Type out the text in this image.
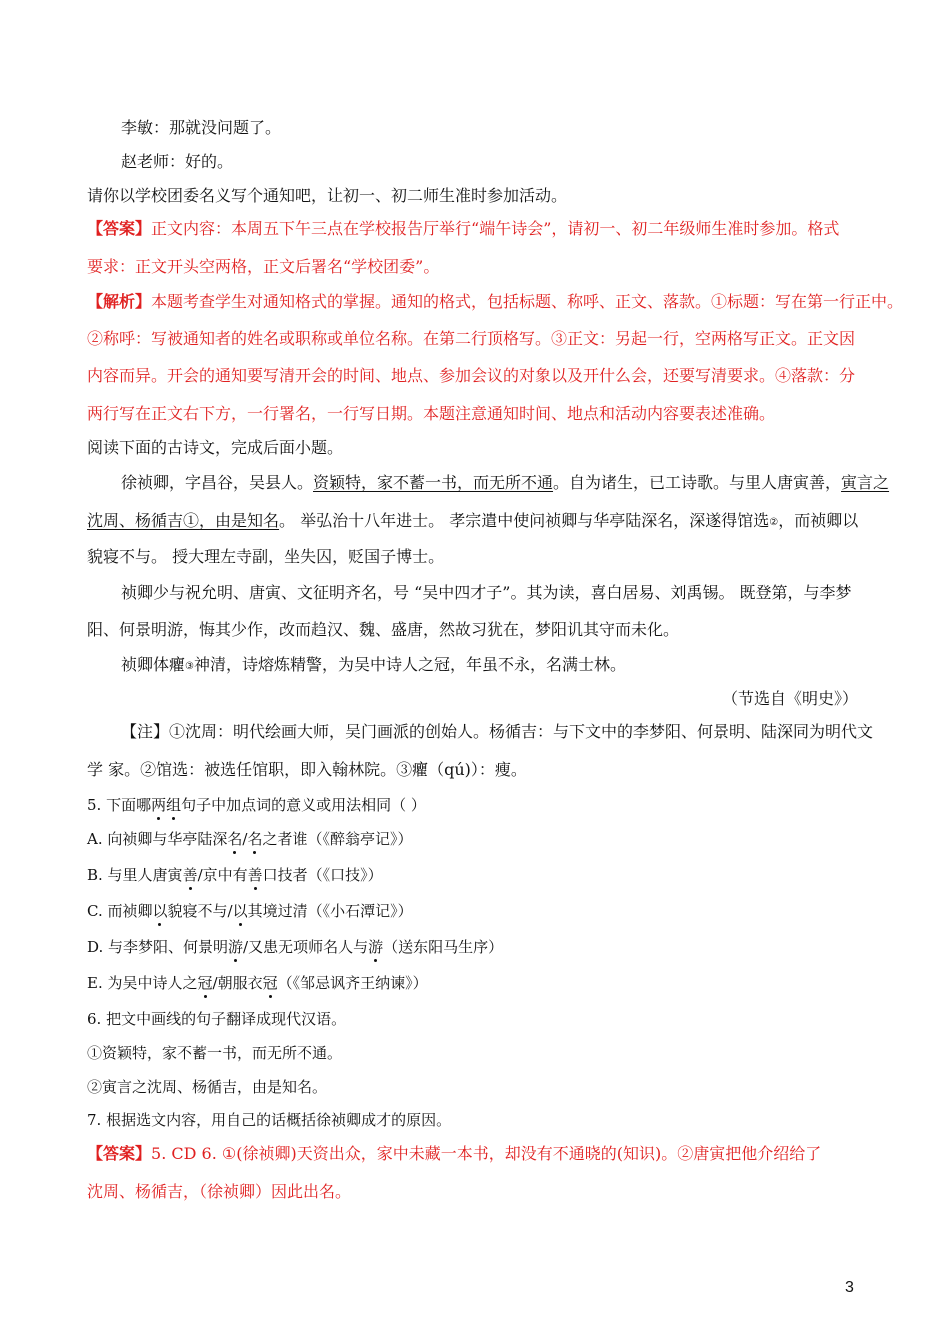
李敏：那就没问题了。
赵老师：好的。
请你以学校团委名义写个通知吧，让初一、初二师生准时参加活动。
【答案】正文内容：本周五下午三点在学校报告厅举行“端午诗会”，请初一、初二年级师生准时参加。格式
要求：正文开头空两格，正文后署名“学校团委”。
【解析】本题考查学生对通知格式的掌握。通知的格式，包括标题、称呼、正文、落款。①标题：写在第一行正中。
②称呼：写被通知者的姓名或职称或单位名称。在第二行顶格写。③正文：另起一行，空两格写正文。正文因
内容而异。开会的通知要写清开会的时间、地点、参加会议的对象以及开什么会，还要写清要求。④落款：分
两行写在正文右下方，一行署名，一行写日期。本题注意通知时间、地点和活动内容要表述准确。
阅读下面的古诗文，完成后面小题。
徐祯卿，字昌谷，吴县人。资颖特，家不蓄一书，而无所不通。自为诸生，已工诗歌。与里人唐寅善，寅言之
沈周、杨循吉①，由是知名。 举弘治十八年进士。 孝宗遣中使问祯卿与华亭陆深名，深遂得馆选②，而祯卿以
貌寝不与。 授大理左寺副，坐失囚，贬国子博士。
祯卿少与祝允明、唐寅、文征明齐名，号 “吴中四才子”。其为读，喜白居易、刘禹锡。 既登第，与李梦
阳、何景明游，悔其少作，改而趋汉、魏、盛唐，然故习犹在，梦阳讥其守而未化。
祯卿体癯③神清，诗熔炼精警，为吴中诗人之冠，年虽不永，名满士林。
（节选自《明史》）
【注】①沈周：明代绘画大师，吴门画派的创始人。杨循吉：与下文中的李梦阳、何景明、陆深同为明代文
学 家。②馆选：被选任馆职，即入翰林院。③癯（qú)）：瘦。
5. 下面哪两组句子中加点词的意义或用法相同（ ）
A. 向祯卿与华亭陆深名/名之者谁（《醉翁亭记》）
B. 与里人唐寅善/京中有善口技者（《口技》）
C. 而祯卿以貌寝不与/以其境过清（《小石潭记》）
D. 与李梦阳、何景明游/又患无项师名人与游（送东阳马生序）
E. 为吴中诗人之冠/朝服衣冠（《邹忌讽齐王纳谏》）
6. 把文中画线的句子翻译成现代汉语。
①资颖特，家不蓄一书，而无所不通。
②寅言之沈周、杨循吉，由是知名。
7. 根据选文内容，用自己的话概括徐祯卿成才的原因。
【答案】5. CD 6. ①(徐祯卿)天资出众，家中未藏一本书，却没有不通晓的(知识)。②唐寅把他介绍给了
沈周、杨循吉，（徐祯卿）因此出名。
3
